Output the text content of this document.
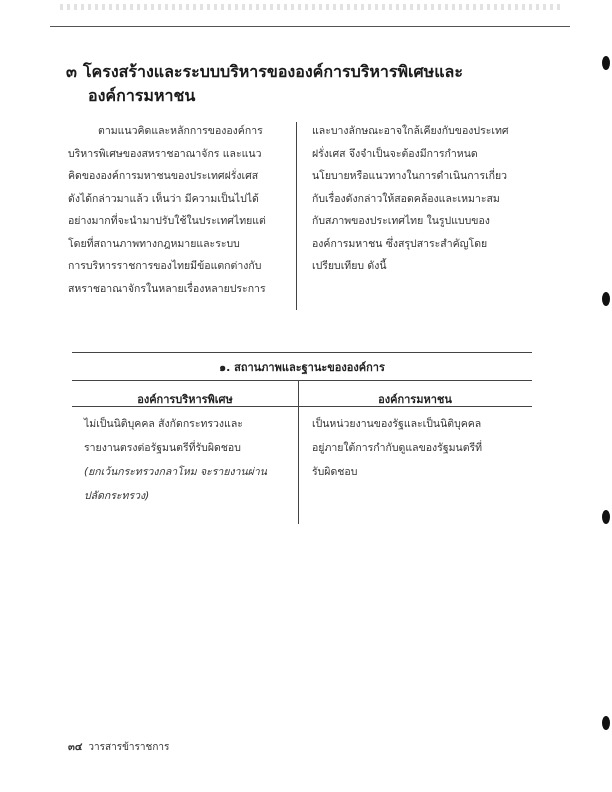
๓ โครงสร้างและระบบบริหารขององค์การบริหารพิเศษและ
องค์การมหาชน
ตามแนวคิดและหลักการขององค์การ
บริหารพิเศษของสหราชอาณาจักร และแนว
คิดขององค์การมหาชนของประเทศฝรั่งเศส
ดังได้กล่าวมาแล้ว เห็นว่า มีความเป็นไปได้
อย่างมากที่จะนำมาปรับใช้ในประเทศไทยแต่
โดยที่สถานภาพทางกฎหมายและระบบ
การบริหารราชการของไทยมีข้อแตกต่างกับ
สหราชอาณาจักรในหลายเรื่องหลายประการ
และบางลักษณะอาจใกล้เคียงกับของประเทศ
ฝรั่งเศส จึงจำเป็นจะต้องมีการกำหนด
นโยบายหรือแนวทางในการดำเนินการเกี่ยว
กับเรื่องดังกล่าวให้สอดคล้องและเหมาะสม
กับสภาพของประเทศไทย ในรูปแบบของ
องค์การมหาชน ซึ่งสรุปสาระสำคัญโดย
เปรียบเทียบ ดังนี้
๑. สถานภาพและฐานะขององค์การ
องค์การบริหารพิเศษ	องค์การมหาชน
ไม่เป็นนิติบุคคล สังกัดกระทรวงและ
รายงานตรงต่อรัฐมนตรีที่รับผิดชอบ
(ยกเว้นกระทรวงกลาโหม จะรายงานผ่าน
ปลัดกระทรวง)
เป็นหน่วยงานของรัฐและเป็นนิติบุคคล
อยู่ภายใต้การกำกับดูแลของรัฐมนตรีที่
รับผิดชอบ
๓๔ วารสารข้าราชการ
